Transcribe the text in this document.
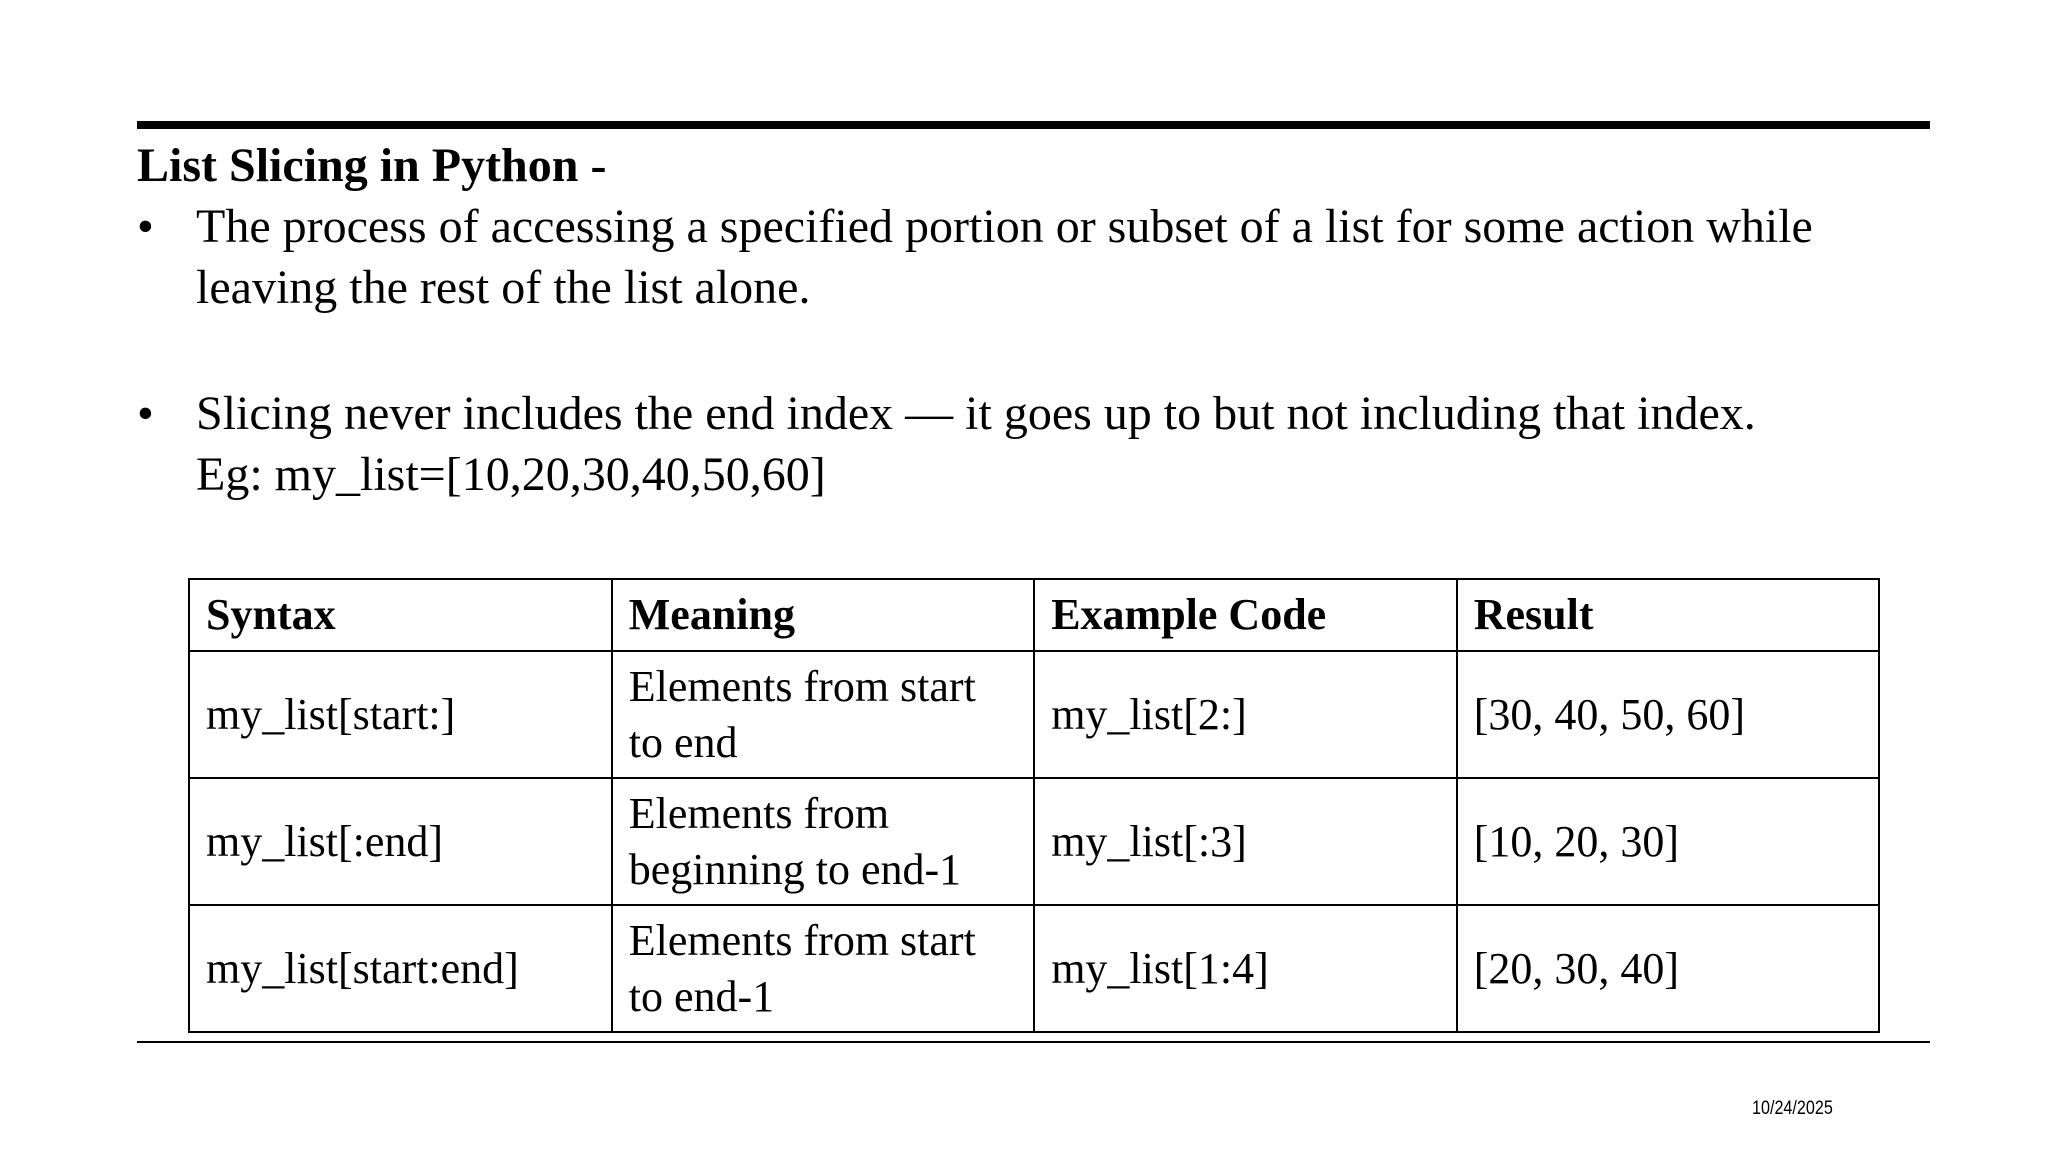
List Slicing in Python -
• The process of accessing a specified portion or subset of a list for some action while leaving the rest of the list alone.
• Slicing never includes the end index — it goes up to but not including that index.
Eg: my_list=[10,20,30,40,50,60]
Syntax	Meaning	Example Code	Result
my_list[start:]	Elements from start to end	my_list[2:]	[30, 40, 50, 60]
my_list[:end]	Elements from beginning to end-1	my_list[:3]	[10, 20, 30]
my_list[start:end]	Elements from start to end-1	my_list[1:4]	[20, 30, 40]
10/24/2025
